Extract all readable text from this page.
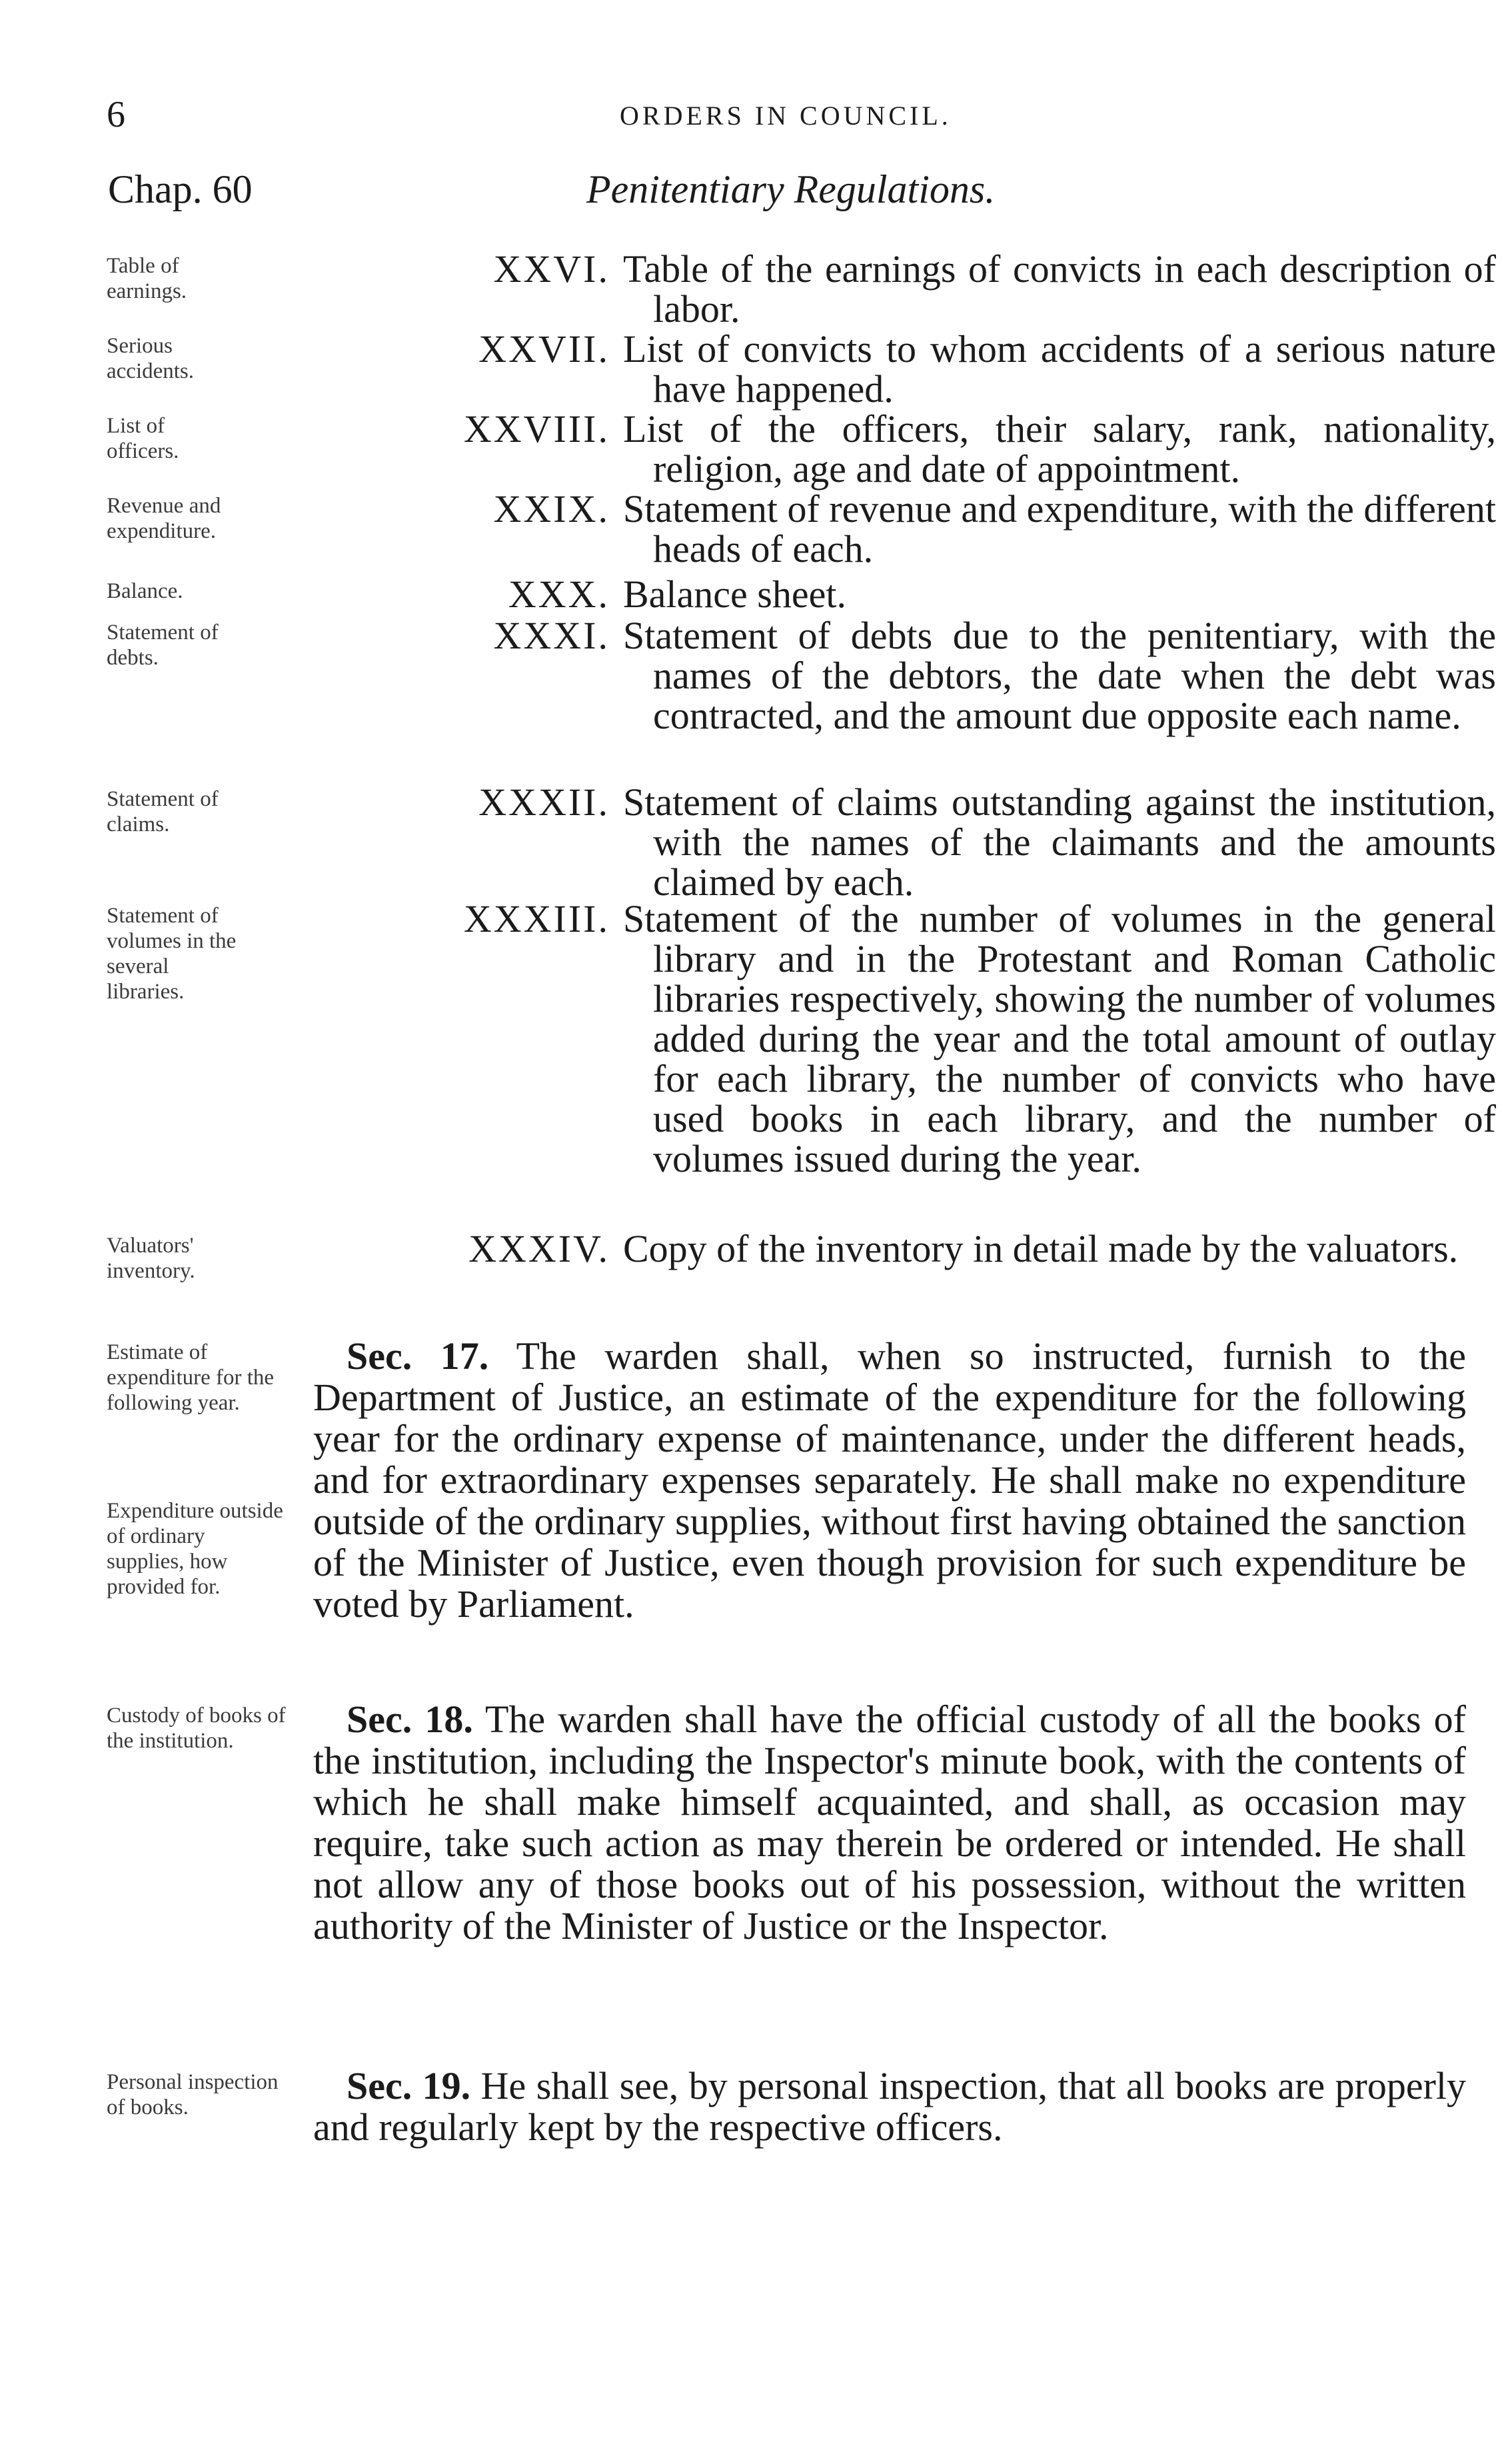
6	ORDERS IN COUNCIL.
Chap. 60	Penitentiary Regulations.
Table of earnings.
XXVI. Table of the earnings of convicts in each description of labor.
Serious accidents.
XXVII. List of convicts to whom accidents of a serious nature have happened.
List of officers.
XXVIII. List of the officers, their salary, rank, nationality, religion, age and date of appointment.
Revenue and expenditure.
XXIX. Statement of revenue and expenditure, with the different heads of each.
Balance.	XXX. Balance sheet.
Statement of debts.
XXXI. Statement of debts due to the penitentiary, with the names of the debtors, the date when the debt was contracted, and the amount due opposite each name.
Statement of claims.
XXXII. Statement of claims outstanding against the institution, with the names of the claimants and the amounts claimed by each.
Statement of volumes in the several libraries.
XXXIII. Statement of the number of volumes in the general library and in the Protestant and Roman Catholic libraries respectively, showing the number of volumes added during the year and the total amount of outlay for each library, the number of convicts who have used books in each library, and the number of volumes issued during the year.
Valuators' inventory.
XXXIV. Copy of the inventory in detail made by the valuators.
Estimate of expenditure for the following year.
Expenditure outside of ordinary supplies, how provided for.
Sec. 17. The warden shall, when so instructed, furnish to the Department of Justice, an estimate of the expenditure for the following year for the ordinary expense of maintenance, under the different heads, and for extraordinary expenses separately. He shall make no expenditure outside of the ordinary supplies, without first having obtained the sanction of the Minister of Justice, even though provision for such expenditure be voted by Parliament.
Custody of books of the institution.	Sec. 18. The warden shall have the official custody of all the books of the institution, including the Inspector's minute book, with the contents of which he shall make himself acquainted, and shall, as occasion may require, take such action as may therein be ordered or intended. He shall not allow any of those books out of his possession, without the written authority of the Minister of Justice or the Inspector.
Personal inspection of books.	Sec. 19. He shall see, by personal inspection, that all books are properly and regularly kept by the respective officers.
